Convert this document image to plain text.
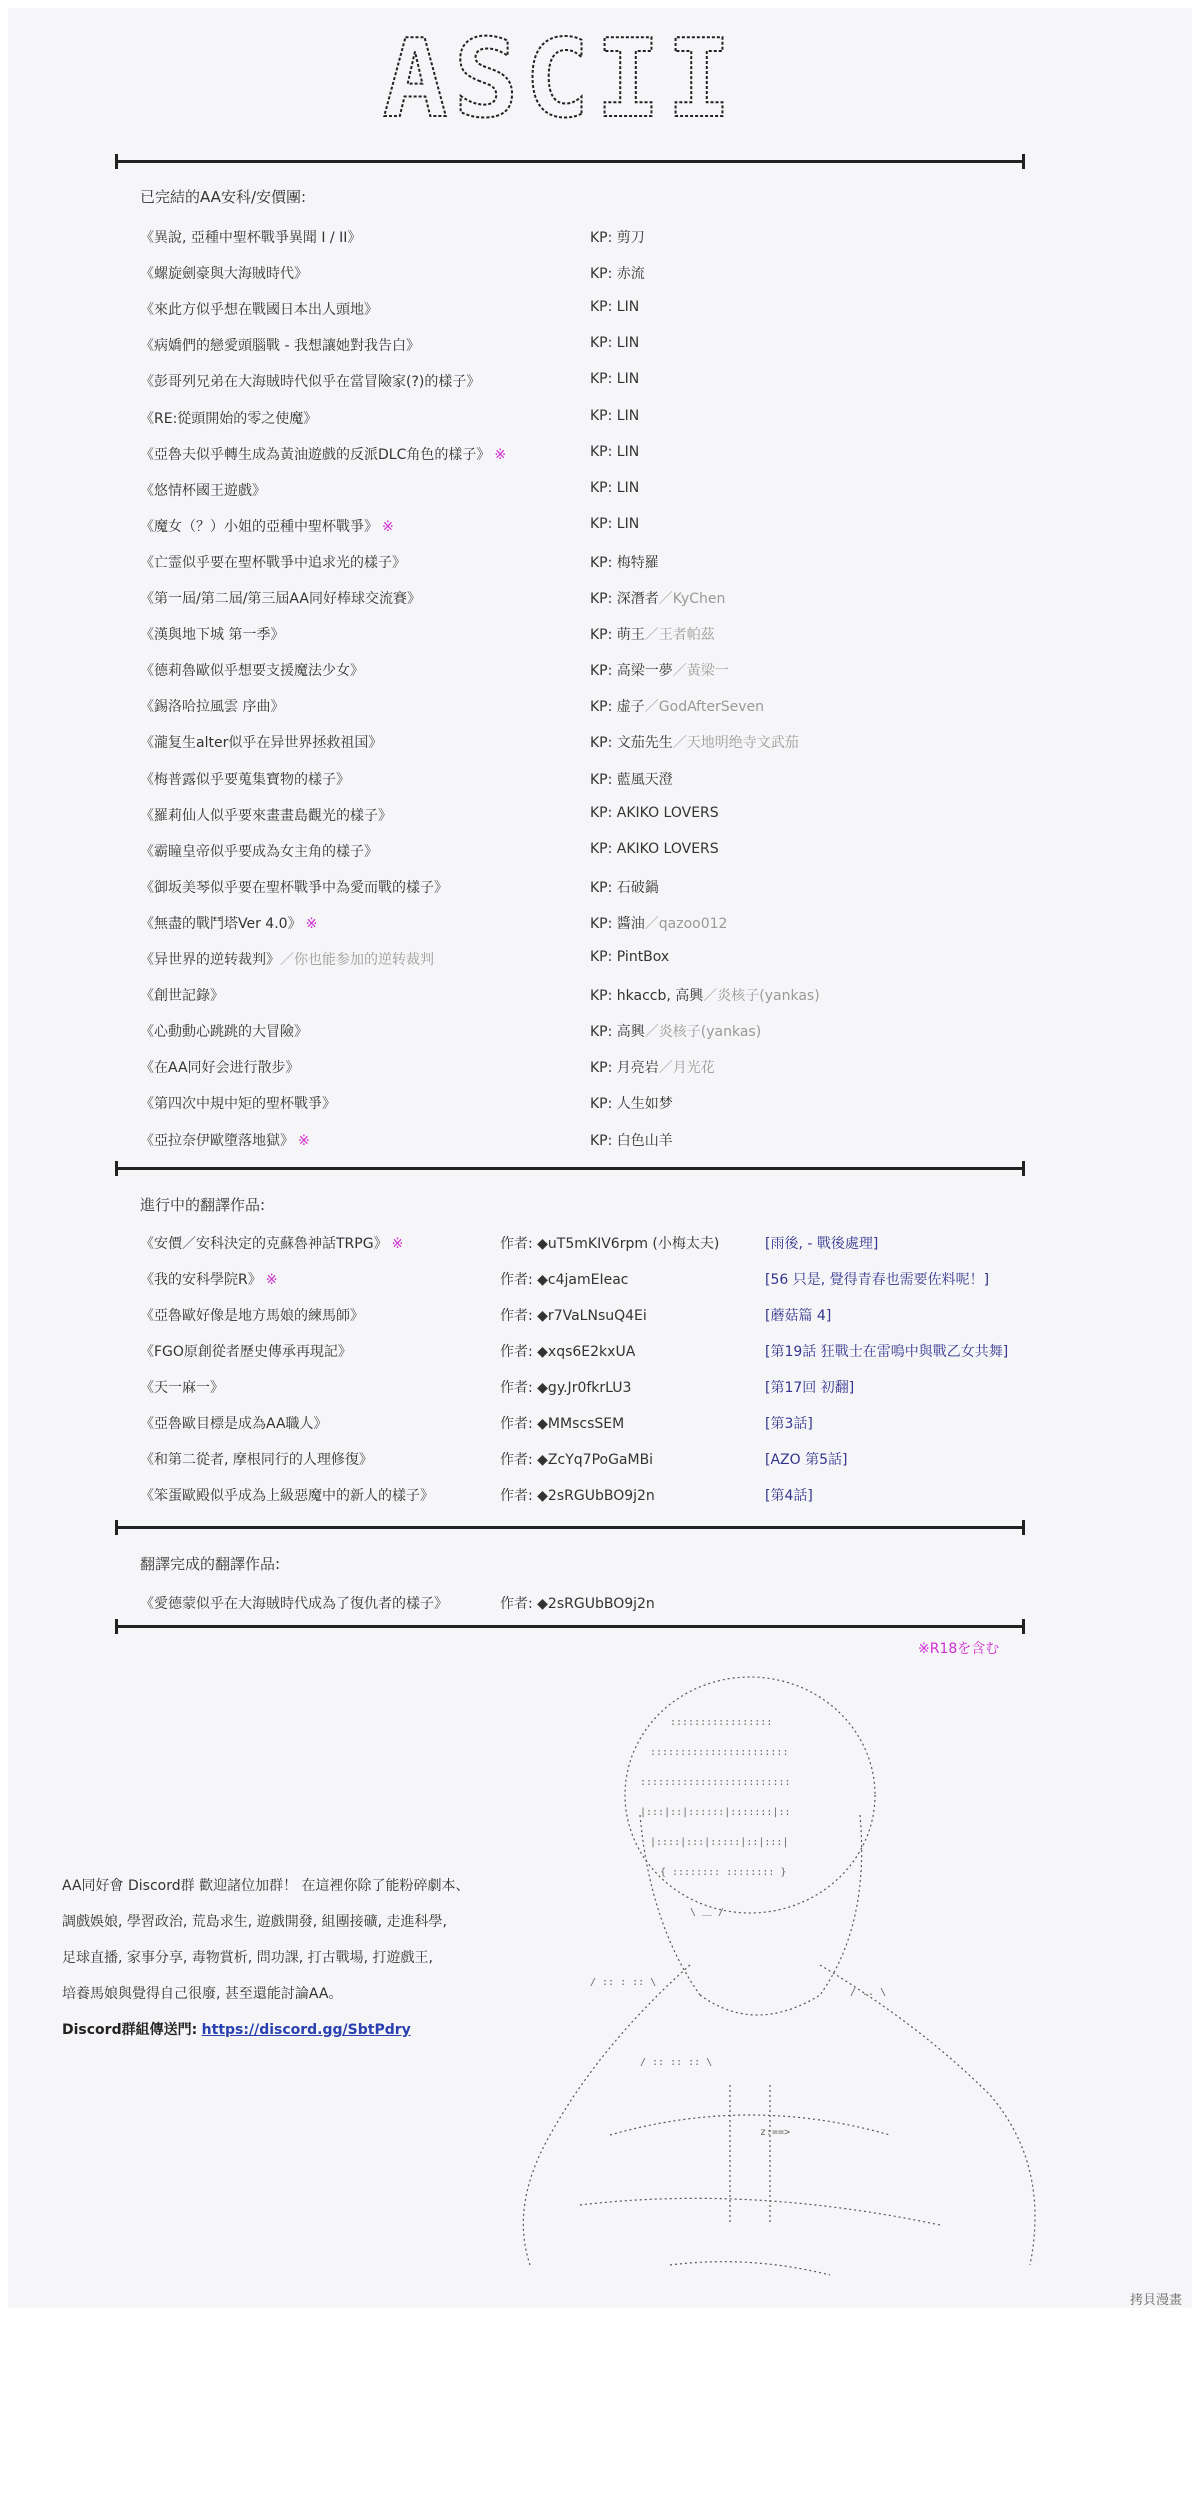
ASCII
已完結的AA安科/安價團:
《異說, 亞種中聖杯戰爭異聞 I / II》	KP: 剪刀
《螺旋劍豪與大海賊時代》	KP: 赤流
《來此方似乎想在戰國日本出人頭地》	KP: LIN
《病嬌們的戀愛頭腦戰 - 我想讓她對我告白》	KP: LIN
《彭哥列兄弟在大海賊時代似乎在當冒險家(?)的樣子》	KP: LIN
《RE:從頭開始的零之使魔》	KP: LIN
《亞魯夫似乎轉生成為黃油遊戲的反派DLC角色的樣子》 ※	KP: LIN
《悠情杯國王遊戲》	KP: LIN
《魔女（？）小姐的亞種中聖杯戰爭》 ※	KP: LIN
《亡霊似乎要在聖杯戰爭中追求光的樣子》	KP: 梅特羅
《第一屆/第二屆/第三屆AA同好棒球交流賽》	KP: 深潛者／KyChen
《漢與地下城 第一季》	KP: 萌王／王者帕茲
《德莉魯歐似乎想要支援魔法少女》	KP: 高梁一夢／黃梁一
《錫洛哈拉風雲 序曲》	KP: 虚子／GodAfterSeven
《瀧复生alter似乎在异世界拯救祖国》	KP: 文茄先生／天地明绝寺文武茄
《梅普露似乎要蒐集寶物的樣子》	KP: 藍風天澄
《羅莉仙人似乎要來畫畫島觀光的樣子》	KP: AKIKO LOVERS
《霸瞳皇帝似乎要成為女主角的樣子》	KP: AKIKO LOVERS
《御坂美琴似乎要在聖杯戰爭中為愛而戰的樣子》	KP: 石破鍋
《無盡的戰鬥塔Ver 4.0》 ※	KP: 醬油／qazoo012
《异世界的逆转裁判》／你也能参加的逆转裁判	KP: PintBox
《創世記錄》	KP: hkaccb, 高興／炎核子(yankas)
《心動動心跳跳的大冒險》	KP: 高興／炎核子(yankas)
《在AA同好会进行散步》	KP: 月亮岩／月光花
《第四次中規中矩的聖杯戰爭》	KP: 人生如梦
《亞拉奈伊歐墮落地獄》 ※	KP: 白色山羊
進行中的翻譯作品:
《安價／安科決定的克蘇魯神話TRPG》 ※	作者: ◆uT5mKIV6rpm (小梅太夫)	[雨後, - 戰後處理]
《我的安科學院R》 ※	作者: ◆c4jamEIeac	[56 只是, 覺得青春也需要佐料呢！]
《亞魯歐好像是地方馬娘的練馬師》	作者: ◆r7VaLNsuQ4Ei	[蘑菇篇 4]
《FGO原創從者歷史傳承再現記》	作者: ◆xqs6E2kxUA	[第19話 狂戰士在雷鳴中與戰乙女共舞]
《天一麻一》	作者: ◆gy.Jr0fkrLU3	[第17回 初翻]
《亞魯歐目標是成為AA職人》	作者: ◆MMscsSEM	[第3話]
《和第二從者, 摩根同行的人理修復》	作者: ◆ZcYq7PoGaMBi	[AZO 第5話]
《笨蛋歐殿似乎成為上級惡魔中的新人的樣子》	作者: ◆2sRGUbBO9j2n	[第4話]
翻譯完成的翻譯作品:
《愛德蒙似乎在大海賊時代成為了復仇者的樣子》	作者: ◆2sRGUbBO9j2n
※R18を含む

AA同好會 Discord群 歡迎諸位加群！ 在這裡你除了能粉碎劇本、

調戲娛娘, 學習政治, 荒島求生, 遊戲開發, 組團接礦, 走進科學,

足球直播, 家事分享, 毒物賞析, 問功課, 打古戰場, 打遊戲王,

培養馬娘與覺得自己很廢, 甚至還能討論AA。

Discord群組傳送門: https://discord.gg/SbtPdry

:::::::::::::::::
:::::::::::::::::::::::
:::::::::::::::::::::::::
|:::|::|::::::|:::::::|::
|::::|:::|:::::|::|:::|
{ :::::::: :::::::: }
\ ＿ /
/ :: : :: \
/ .. \
/ :: :: :: \
z:==>
拷貝漫畫
